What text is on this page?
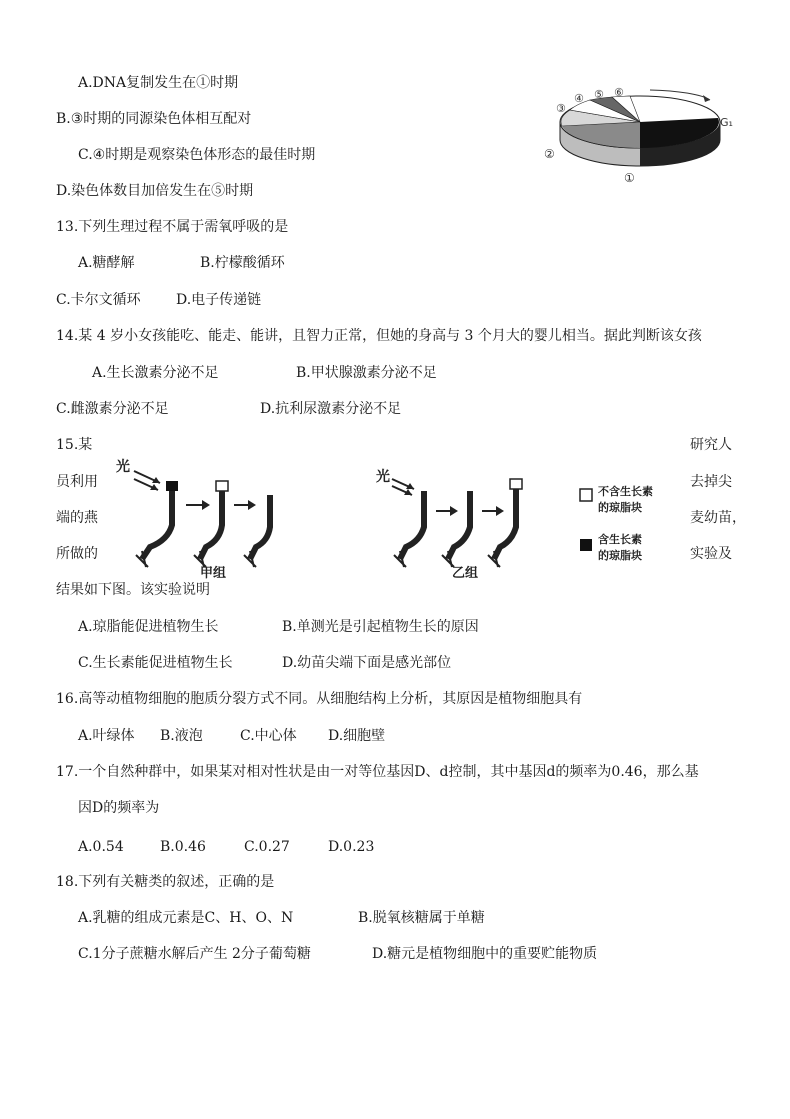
A.DNA复制发生在①时期
B.③时期的同源染色体相互配对
C.④时期是观察染色体形态的最佳时期
D.染色体数目加倍发生在⑤时期
③
④ ⑤ ⑥
②
①
G₁
13.下列生理过程不属于需氧呼吸的是
A.糖酵解	B.柠檬酸循环
C.卡尔文循环	D.电子传递链
14.某 4 岁小女孩能吃、能走、能讲，且智力正常，但她的身高与 3 个月大的婴儿相当。据此判断该女孩
A.生长激素分泌不足	B.甲状腺激素分泌不足
C.雌激素分泌不足	D.抗利尿激素分泌不足
15.某	研究人
员利用	去掉尖
端的燕	麦幼苗，
所做的	实验及
结果如下图。该实验说明
光
甲组
光
乙组
不含生长素
的琼脂块
含生长素
的琼脂块
A.琼脂能促进植物生长	B.单测光是引起植物生长的原因
C.生长素能促进植物生长	D.幼苗尖端下面是感光部位
16.高等动植物细胞的胞质分裂方式不同。从细胞结构上分析，其原因是植物细胞具有
A.叶绿体 B.液泡	C.中心体 D.细胞壁
17.一个自然种群中，如果某对相对性状是由一对等位基因D、d控制，其中基因d的频率为0.46，那么基
因D的频率为
A.0.54	B.0.46	C.0.27	D.0.23
18.下列有关糖类的叙述，正确的是
A.乳糖的组成元素是C、H、O、N	B.脱氧核糖属于单糖
C.1分子蔗糖水解后产生 2分子葡萄糖	D.糖元是植物细胞中的重要贮能物质
